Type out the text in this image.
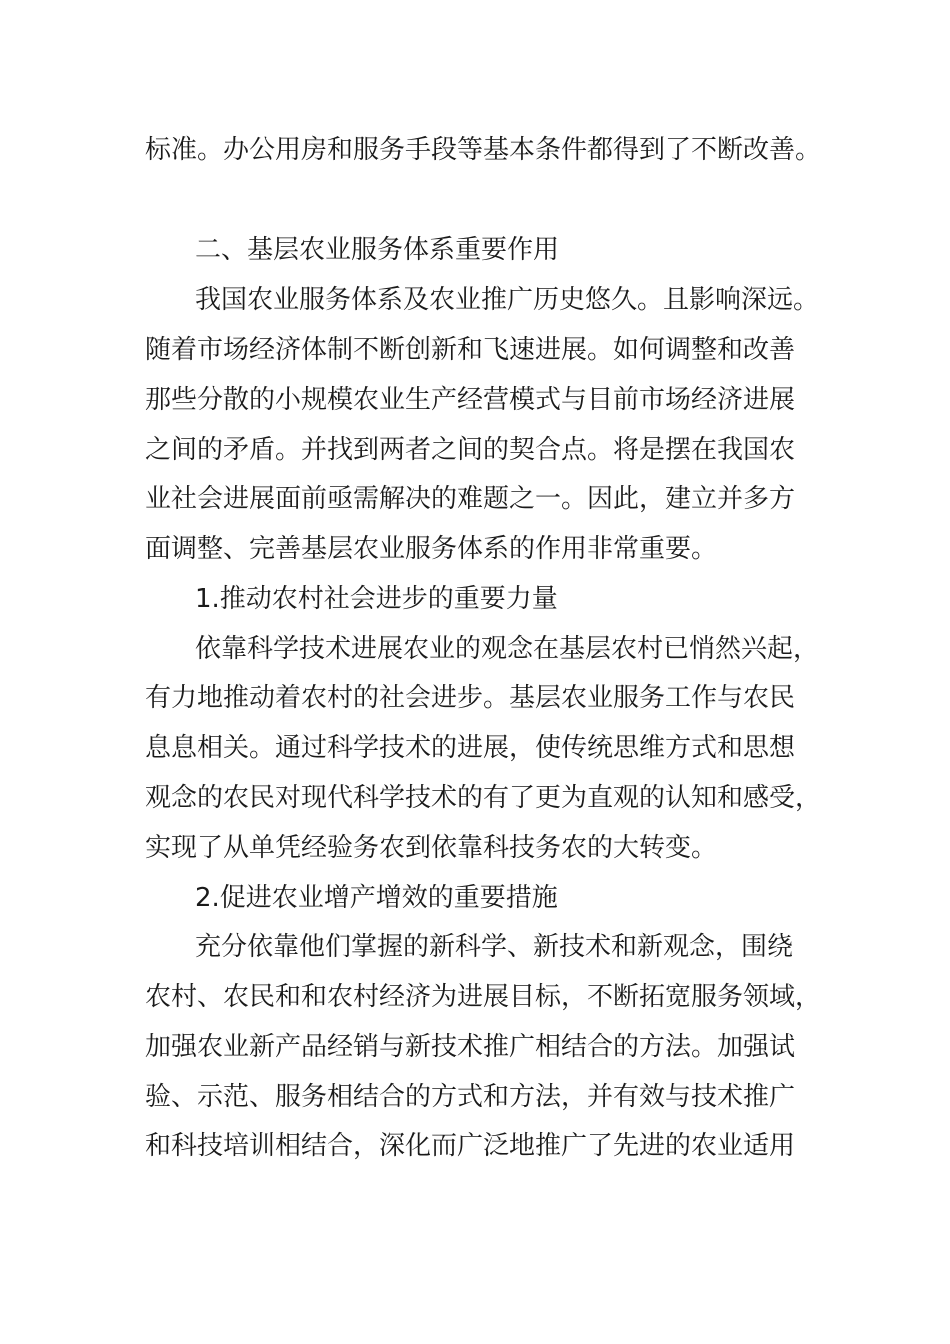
标准。办公用房和服务手段等基本条件都得到了不断改善。
二、基层农业服务体系重要作用
我国农业服务体系及农业推广历史悠久。且影响深远。
随着市场经济体制不断创新和飞速进展。如何调整和改善
那些分散的小规模农业生产经营模式与目前市场经济进展
之间的矛盾。并找到两者之间的契合点。将是摆在我国农
业社会进展面前亟需解决的难题之一。因此，建立并多方
面调整、完善基层农业服务体系的作用非常重要。
1.推动农村社会进步的重要力量
依靠科学技术进展农业的观念在基层农村已悄然兴起，
有力地推动着农村的社会进步。基层农业服务工作与农民
息息相关。通过科学技术的进展，使传统思维方式和思想
观念的农民对现代科学技术的有了更为直观的认知和感受，
实现了从单凭经验务农到依靠科技务农的大转变。
2.促进农业增产增效的重要措施
充分依靠他们掌握的新科学、新技术和新观念，围绕
农村、农民和和农村经济为进展目标，不断拓宽服务领域，
加强农业新产品经销与新技术推广相结合的方法。加强试
验、示范、服务相结合的方式和方法，并有效与技术推广
和科技培训相结合，深化而广泛地推广了先进的农业适用
